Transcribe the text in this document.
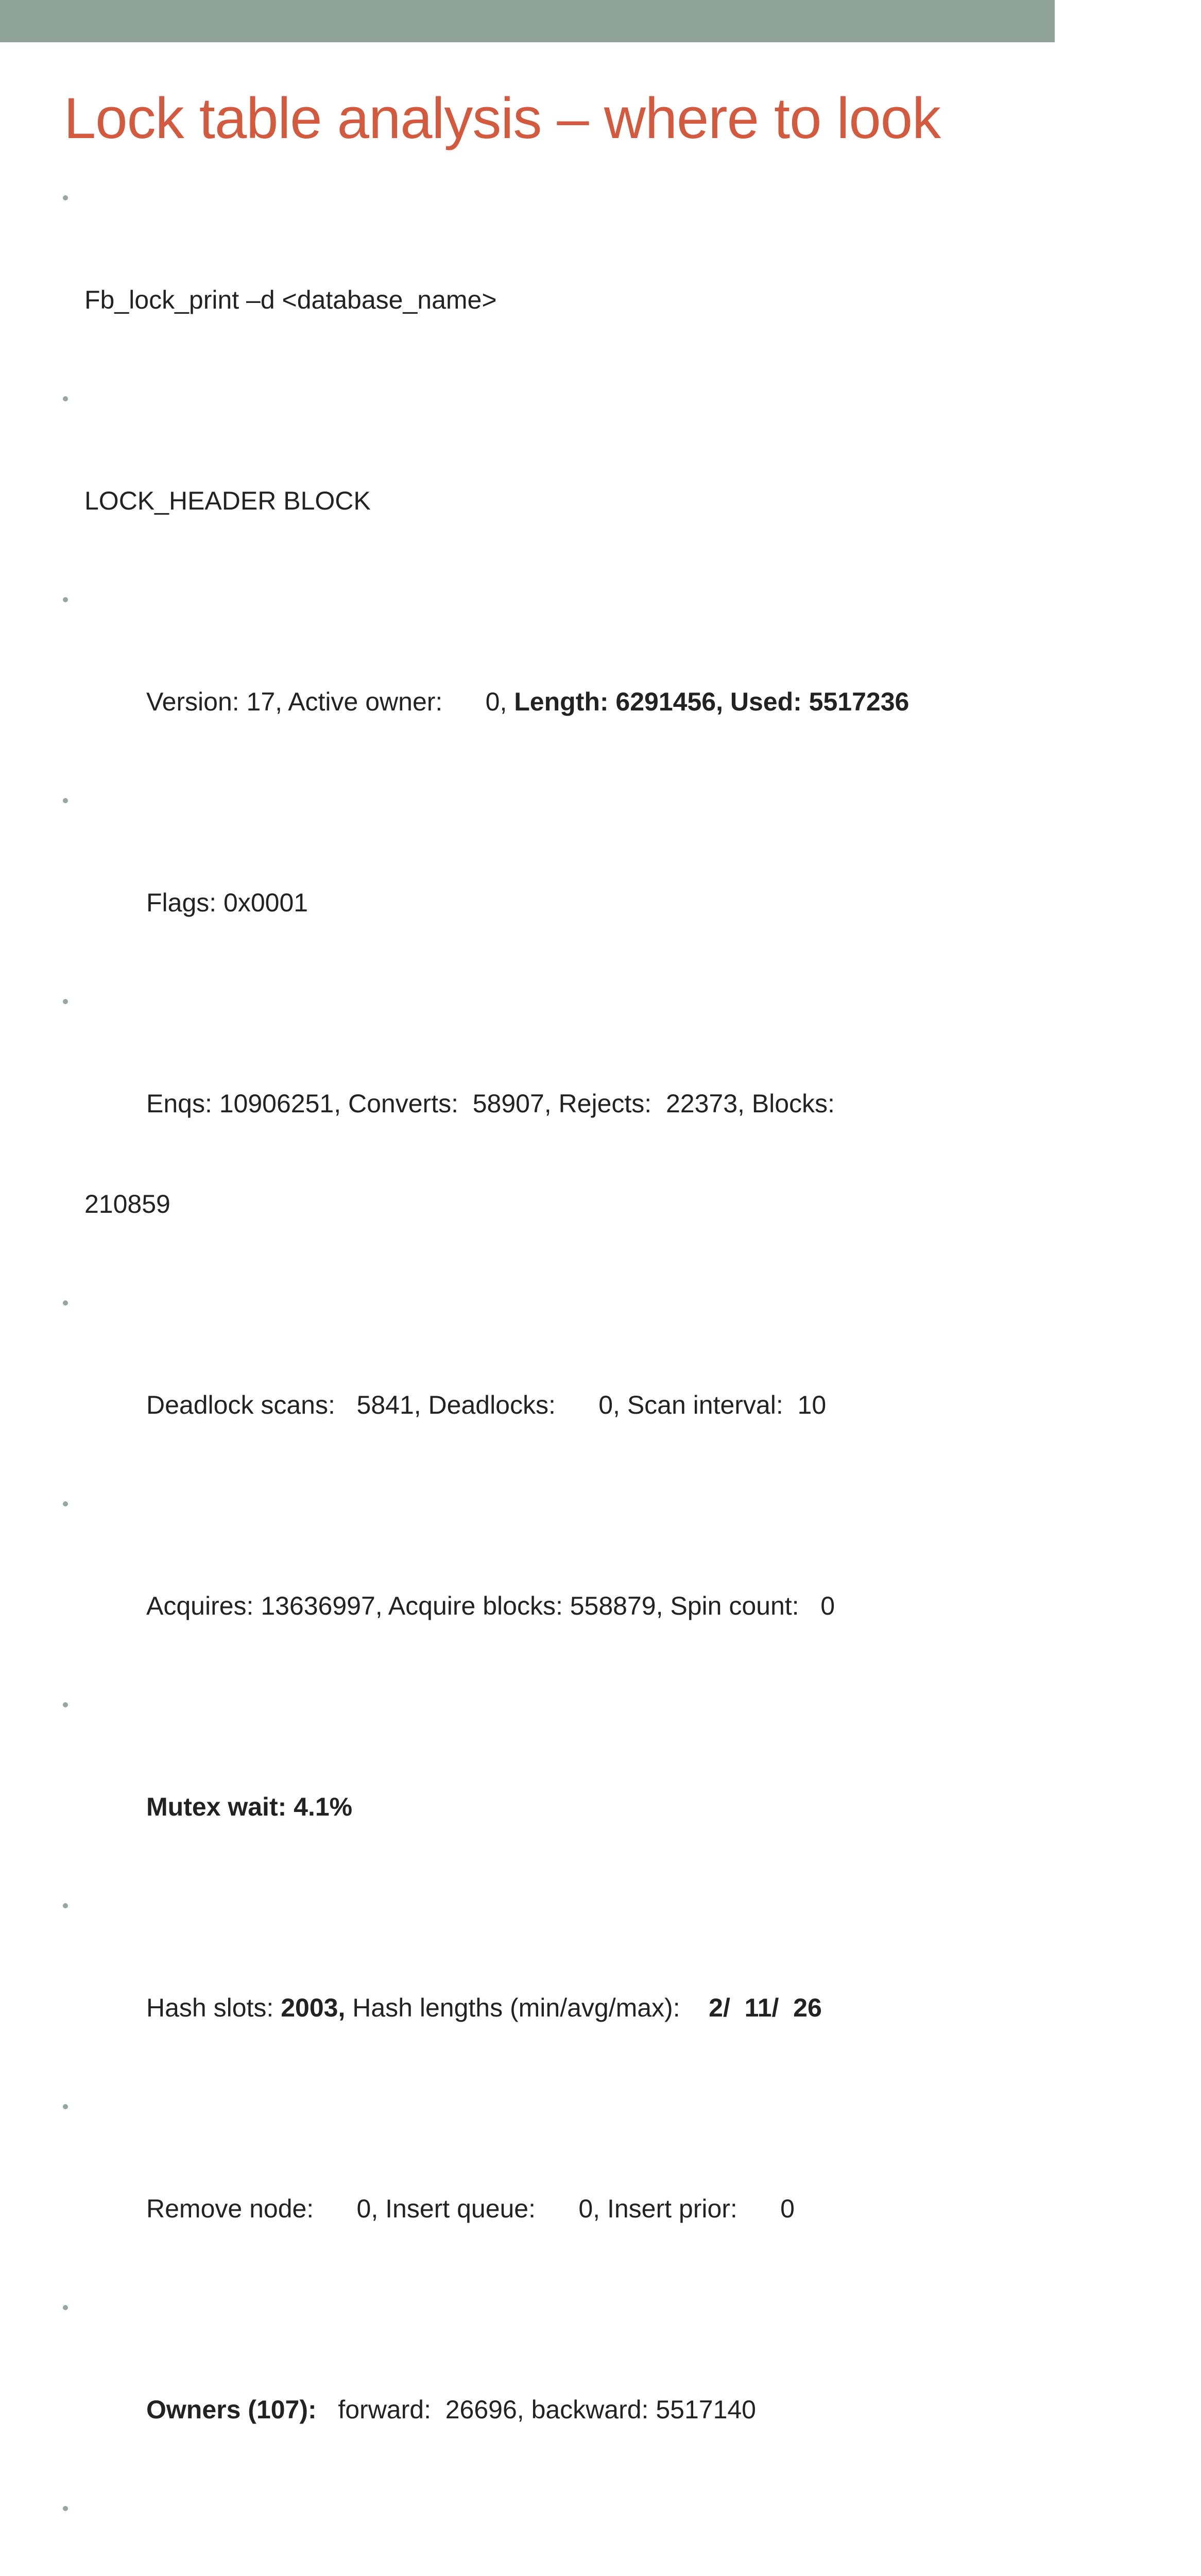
Lock table analysis – where to look

Fb_lock_print –d <database_name>

LOCK_HEADER BLOCK

Version: 17, Active owner:      0, Length: 6291456, Used: 5517236

Flags: 0x0001

Enqs: 10906251, Converts:  58907, Rejects:  22373, Blocks:

210859

Deadlock scans:   5841, Deadlocks:      0, Scan interval:  10

Acquires: 13636997, Acquire blocks: 558879, Spin count:   0

Mutex wait: 4.1%

Hash slots: 2003, Hash lengths (min/avg/max):    2/  11/  26

Remove node:      0, Insert queue:      0, Insert prior:      0

Owners (107):   forward:  26696, backward: 5517140
